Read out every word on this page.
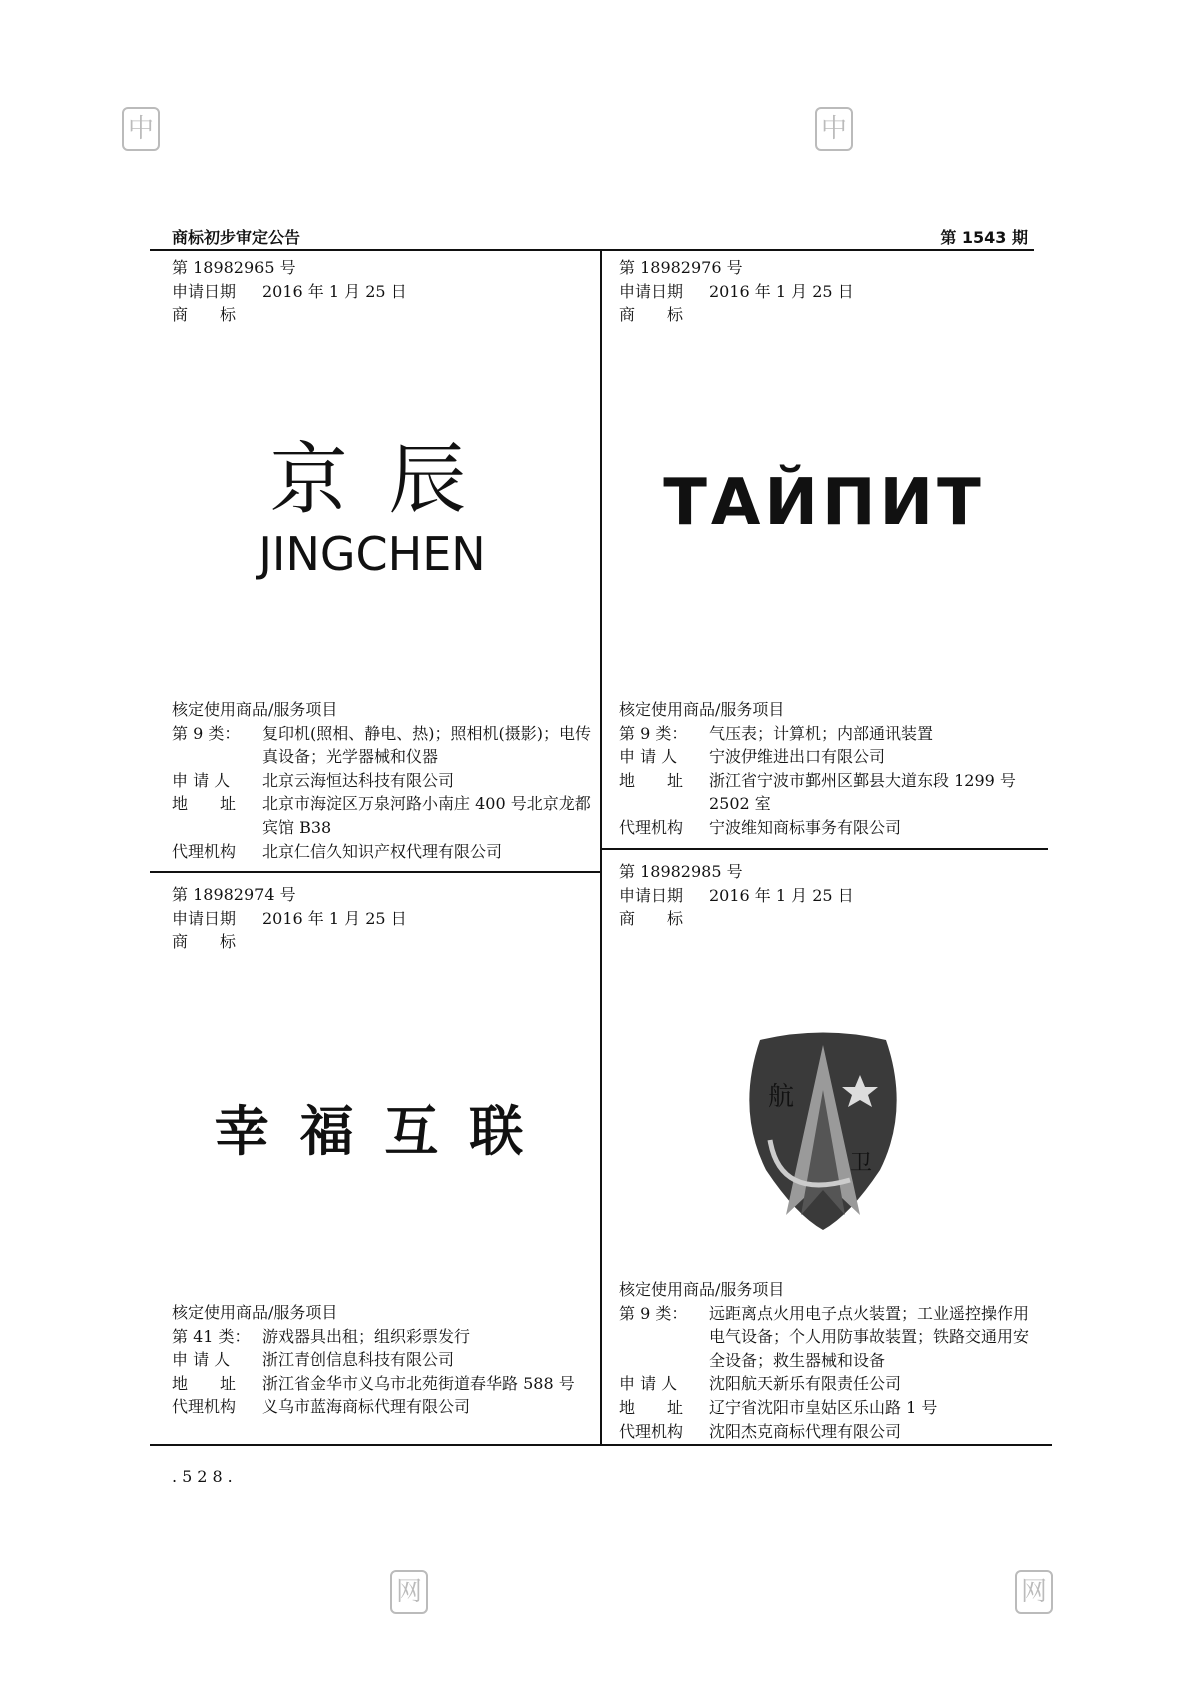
商标初步审定公告	第 1543 期
.528.
中	中
网
网
第 18982965 号
申请日期	2016 年 1 月 25 日
商　　标
京 辰
JINGCHEN
核定使用商品/服务项目
第 9 类：	复印机(照相、静电、热)；照相机(摄影)；电传真设备；光学器械和仪器
申 请 人	北京云海恒达科技有限公司
地　　址	北京市海淀区万泉河路小南庄 400 号北京龙都宾馆 B38
代理机构	北京仁信久知识产权代理有限公司
第 18982976 号
申请日期	2016 年 1 月 25 日
商　　标
ТАЙПИТ
核定使用商品/服务项目
第 9 类：	气压表；计算机；内部通讯装置
申 请 人	宁波伊维进出口有限公司
地　　址	浙江省宁波市鄞州区鄞县大道东段 1299 号 2502 室
代理机构	宁波维知商标事务有限公司
第 18982974 号
申请日期	2016 年 1 月 25 日
商　　标
幸 福 互 联
核定使用商品/服务项目
第 41 类： 游戏器具出租；组织彩票发行
申 请 人	浙江青创信息科技有限公司
地　　址	浙江省金华市义乌市北苑街道春华路 588 号
代理机构	义乌市蓝海商标代理有限公司
第 18982985 号
申请日期	2016 年 1 月 25 日
商　　标
航
卫
核定使用商品/服务项目
第 9 类：	远距离点火用电子点火装置；工业遥控操作用电气设备；个人用防事故装置；铁路交通用安全设备；救生器械和设备
申 请 人	沈阳航天新乐有限责任公司
地　　址	辽宁省沈阳市皇姑区乐山路 1 号
代理机构	沈阳杰克商标代理有限公司
